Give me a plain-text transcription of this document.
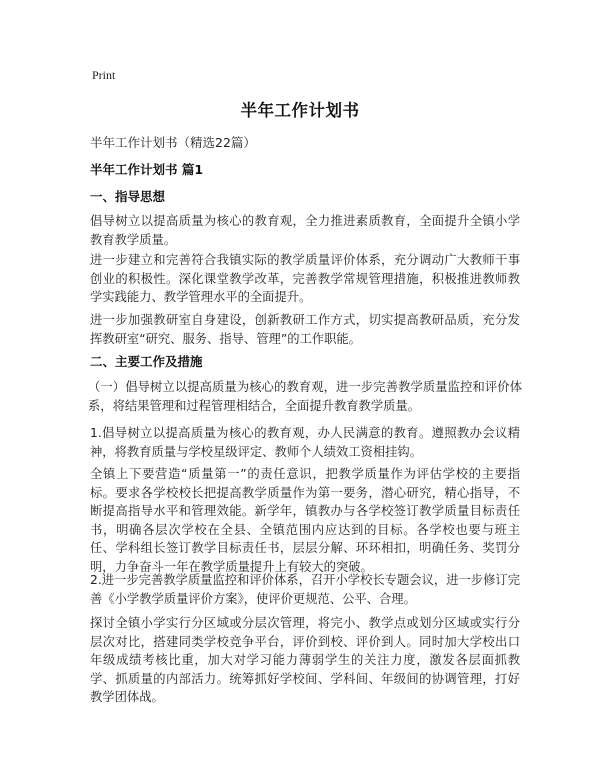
Print
半年工作计划书
半年工作计划书（精选22篇）
半年工作计划书 篇1
一、指导思想
倡导树立以提高质量为核心的教育观，全力推进素质教育，全面提升全镇小学教育教学质量。
进一步建立和完善符合我镇实际的教学质量评价体系，充分调动广大教师干事创业的积极性。深化课堂教学改革，完善教学常规管理措施，积极推进教师教学实践能力、教学管理水平的全面提升。
进一步加强教研室自身建设，创新教研工作方式，切实提高教研品质，充分发挥教研室“研究、服务、指导、管理”的工作职能。
二、主要工作及措施
（一）倡导树立以提高质量为核心的教育观，进一步完善教学质量监控和评价体系，将结果管理和过程管理相结合，全面提升教育教学质量。
1.倡导树立以提高质量为核心的教育观，办人民满意的教育。遵照教办会议精神，将教育质量与学校星级评定、教师个人绩效工资相挂钩。
全镇上下要营造“质量第一”的责任意识，把教学质量作为评估学校的主要指标。要求各学校校长把提高教学质量作为第一要务，潜心研究，精心指导，不断提高指导水平和管理效能。新学年，镇教办与各学校签订教学质量目标责任书，明确各层次学校在全县、全镇范围内应达到的目标。各学校也要与班主任、学科组长签订教学目标责任书，层层分解、环环相扣，明确任务、奖罚分明，力争奋斗一年在教学质量提升上有较大的突破。
2.进一步完善教学质量监控和评价体系，召开小学校长专题会议，进一步修订完善《小学教学质量评价方案》，使评价更规范、公平、合理。
探讨全镇小学实行分区域或分层次管理，将完小、教学点或划分区域或实行分层次对比，搭建同类学校竞争平台，评价到校、评价到人。同时加大学校出口年级成绩考核比重，加大对学习能力薄弱学生的关注力度，激发各层面抓教学、抓质量的内部活力。统筹抓好学校间、学科间、年级间的协调管理，打好教学团体战。
